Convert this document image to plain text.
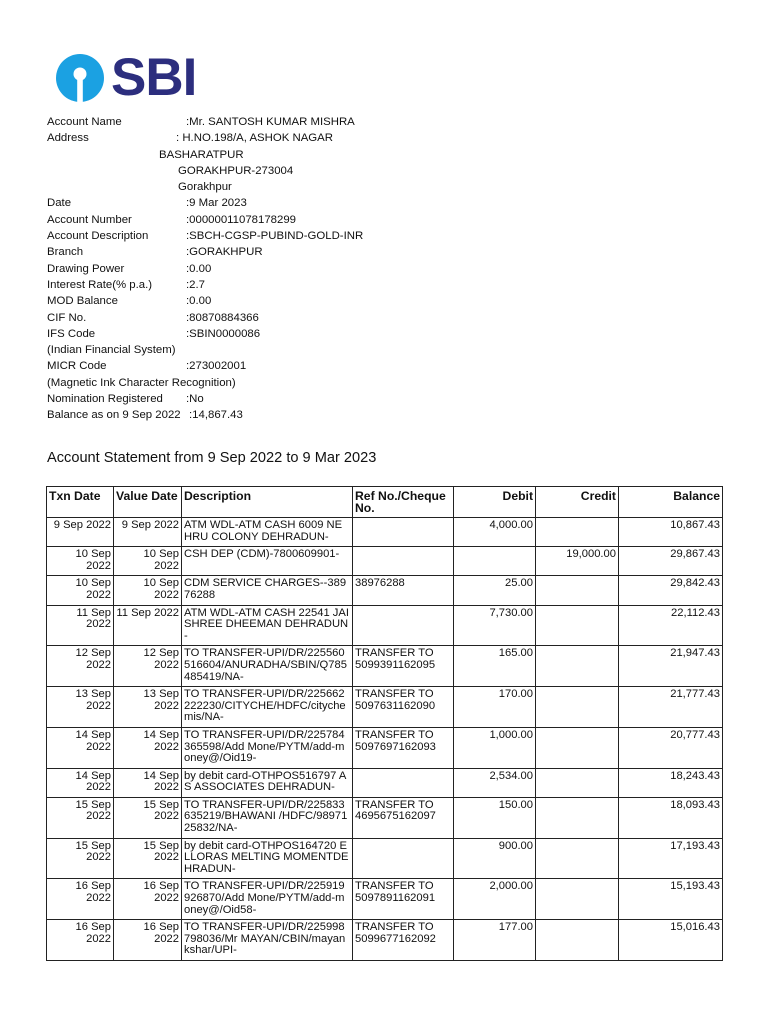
SBI
Account Name	:Mr. SANTOSH KUMAR MISHRA
Address	: H.NO.198/A, ASHOK NAGAR
BASHARATPUR
GORAKHPUR-273004
Gorakhpur
Date	:9 Mar 2023
Account Number	:00000011078178299
Account Description	:SBCH-CGSP-PUBIND-GOLD-INR
Branch	:GORAKHPUR
Drawing Power	:0.00
Interest Rate(% p.a.)	:2.7
MOD Balance	:0.00
CIF No.	:80870884366
IFS Code	:SBIN0000086
(Indian Financial System)
MICR Code	:273002001
(Magnetic Ink Character Recognition)
Nomination Registered :No
Balance as on 9 Sep 2022 :14,867.43
Account Statement from 9 Sep 2022 to 9 Mar 2023
Txn Date	Value Date	Description	Ref No./Cheque No.	Debit	Credit	Balance
9 Sep 2022	9 Sep 2022	ATM WDL-ATM CASH 6009 NEHRU COLONY DEHRADUN-		4,000.00		10,867.43
10 Sep 2022	10 Sep 2022	CSH DEP (CDM)-7800609901-			19,000.00	29,867.43
10 Sep 2022	10 Sep 2022	CDM SERVICE CHARGES--38976288	38976288	25.00		29,842.43
11 Sep 2022	11 Sep 2022	ATM WDL-ATM CASH 22541 JAISHREE DHEEMAN DEHRADUN-		7,730.00		22,112.43
12 Sep 2022	12 Sep 2022	TO TRANSFER-UPI/DR/225560516604/ANURADHA/SBIN/Q785485419/NA-	TRANSFER TO 5099391162095	165.00		21,947.43
13 Sep 2022	13 Sep 2022	TO TRANSFER-UPI/DR/225662222230/CITYCHE/HDFC/citychemis/NA-	TRANSFER TO 5097631162090	170.00		21,777.43
14 Sep 2022	14 Sep 2022	TO TRANSFER-UPI/DR/225784365598/Add Mone/PYTM/add-money@/Oid19-	TRANSFER TO 5097697162093	1,000.00		20,777.43
14 Sep 2022	14 Sep 2022	by debit card-OTHPOS516797 A S ASSOCIATES DEHRADUN-		2,534.00		18,243.43
15 Sep 2022	15 Sep 2022	TO TRANSFER-UPI/DR/225833635219/BHAWANI /HDFC/9897125832/NA-	TRANSFER TO 4695675162097	150.00		18,093.43
15 Sep 2022	15 Sep 2022	by debit card-OTHPOS164720 ELLORAS MELTING MOMENTDEHRADUN-		900.00		17,193.43
16 Sep 2022	16 Sep 2022	TO TRANSFER-UPI/DR/225919926870/Add Mone/PYTM/add-money@/Oid58-	TRANSFER TO 5097891162091	2,000.00		15,193.43
16 Sep 2022	16 Sep 2022	TO TRANSFER-UPI/DR/225998798036/Mr MAYAN/CBIN/mayankshar/UPI-	TRANSFER TO 5099677162092	177.00		15,016.43
